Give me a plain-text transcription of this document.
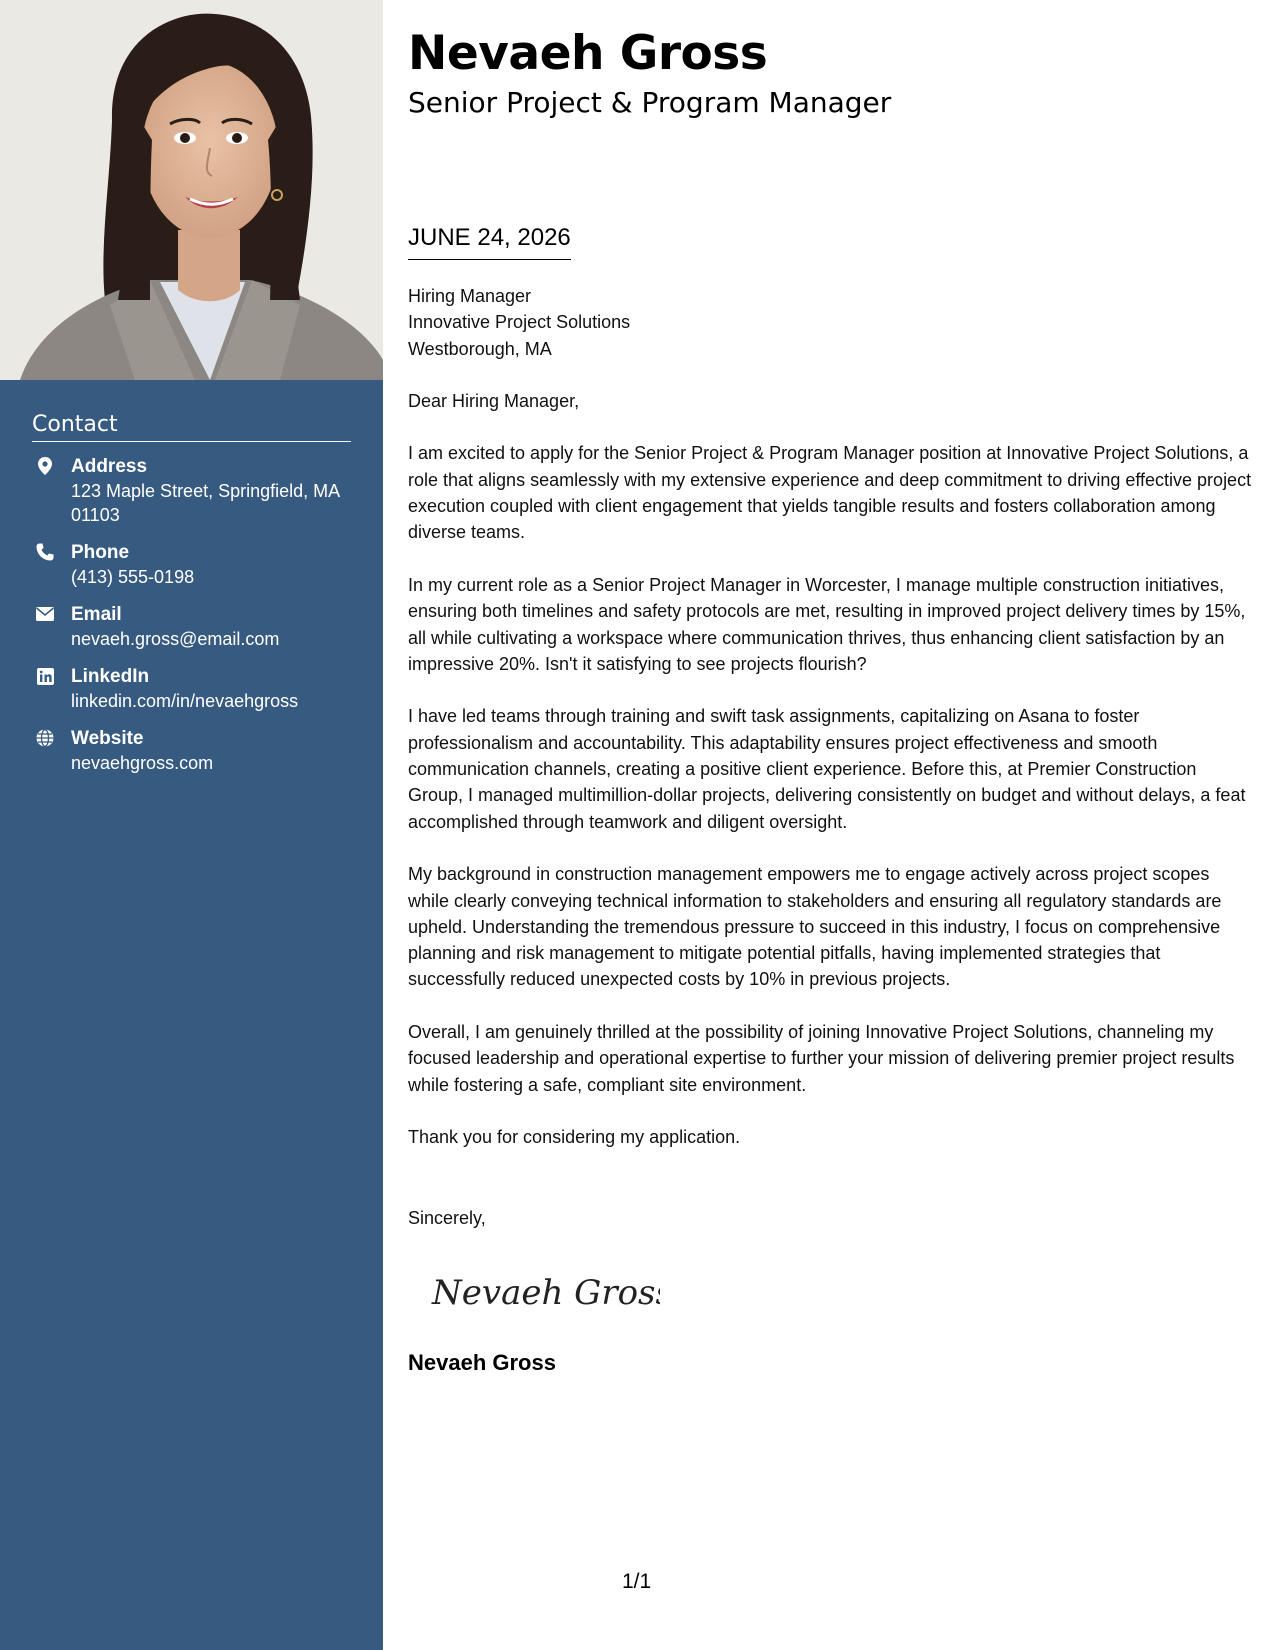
Contact
Address
123 Maple Street, Springfield, MA 01103
Phone
(413) 555-0198
Email
nevaeh.gross@email.com
LinkedIn
linkedin.com/in/nevaehgross
Website
nevaehgross.com
Nevaeh Gross
Senior Project & Program Manager
JUNE 24, 2026
Hiring Manager
Innovative Project Solutions
Westborough, MA

Dear Hiring Manager,

I am excited to apply for the Senior Project & Program Manager position at Innovative Project Solutions, a role that aligns seamlessly with my extensive experience and deep commitment to driving effective project execution coupled with client engagement that yields tangible results and fosters collaboration among diverse teams.

In my current role as a Senior Project Manager in Worcester, I manage multiple construction initiatives, ensuring both timelines and safety protocols are met, resulting in improved project delivery times by 15%, all while cultivating a workspace where communication thrives, thus enhancing client satisfaction by an impressive 20%. Isn't it satisfying to see projects flourish?

I have led teams through training and swift task assignments, capitalizing on Asana to foster professionalism and accountability. This adaptability ensures project effectiveness and smooth communication channels, creating a positive client experience. Before this, at Premier Construction Group, I managed multimillion-dollar projects, delivering consistently on budget and without delays, a feat accomplished through teamwork and diligent oversight.

My background in construction management empowers me to engage actively across project scopes while clearly conveying technical information to stakeholders and ensuring all regulatory standards are upheld. Understanding the tremendous pressure to succeed in this industry, I focus on comprehensive planning and risk management to mitigate potential pitfalls, having implemented strategies that successfully reduced unexpected costs by 10% in previous projects.

Overall, I am genuinely thrilled at the possibility of joining Innovative Project Solutions, channeling my focused leadership and operational expertise to further your mission of delivering premier project results while fostering a safe, compliant site environment.

Thank you for considering my application.

Sincerely,
Nevaeh Gross
Nevaeh Gross
1/1
